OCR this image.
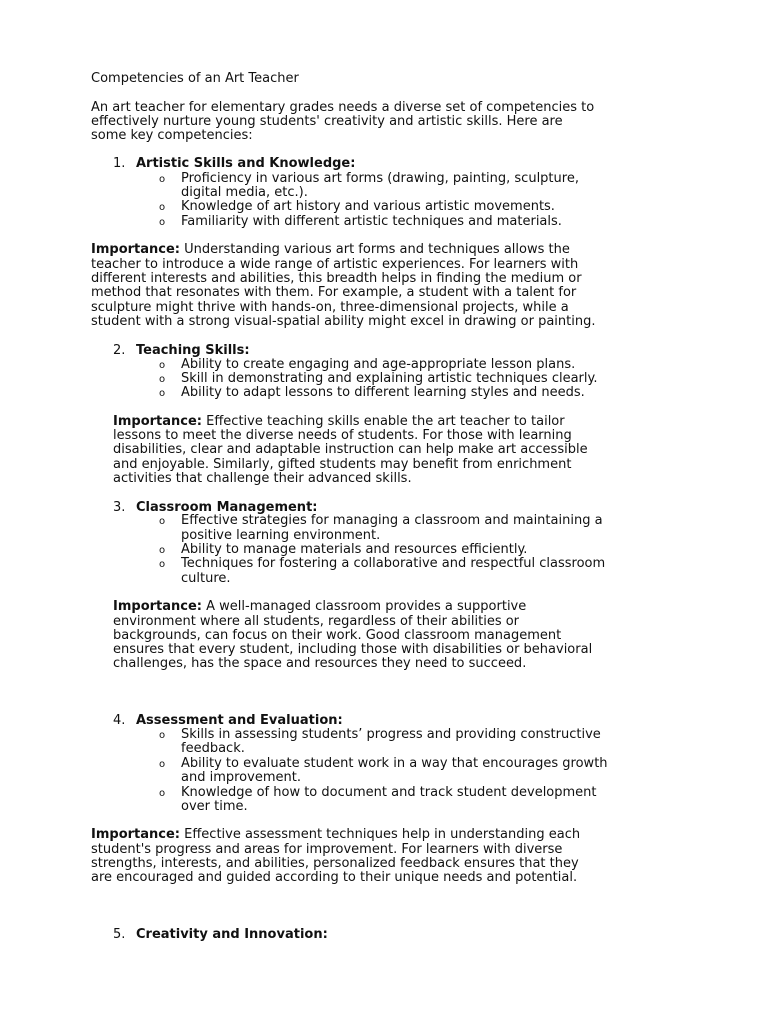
Competencies of an Art Teacher
An art teacher for elementary grades needs a diverse set of competencies to
effectively nurture young students' creativity and artistic skills. Here are
some key competencies:
1. Artistic Skills and Knowledge:
o Proficiency in various art forms (drawing, painting, sculpture,
digital media, etc.).
o Knowledge of art history and various artistic movements.
o Familiarity with different artistic techniques and materials.
Importance: Understanding various art forms and techniques allows the
teacher to introduce a wide range of artistic experiences. For learners with
different interests and abilities, this breadth helps in finding the medium or
method that resonates with them. For example, a student with a talent for
sculpture might thrive with hands-on, three-dimensional projects, while a
student with a strong visual-spatial ability might excel in drawing or painting.
2. Teaching Skills:
o Ability to create engaging and age-appropriate lesson plans.
o Skill in demonstrating and explaining artistic techniques clearly.
o Ability to adapt lessons to different learning styles and needs.
Importance: Effective teaching skills enable the art teacher to tailor
lessons to meet the diverse needs of students. For those with learning
disabilities, clear and adaptable instruction can help make art accessible
and enjoyable. Similarly, gifted students may benefit from enrichment
activities that challenge their advanced skills.
3. Classroom Management:
o Effective strategies for managing a classroom and maintaining a
positive learning environment.
o Ability to manage materials and resources efficiently.
o Techniques for fostering a collaborative and respectful classroom
culture.
Importance: A well-managed classroom provides a supportive
environment where all students, regardless of their abilities or
backgrounds, can focus on their work. Good classroom management
ensures that every student, including those with disabilities or behavioral
challenges, has the space and resources they need to succeed.
4. Assessment and Evaluation:
o Skills in assessing students’ progress and providing constructive
feedback.
o Ability to evaluate student work in a way that encourages growth
and improvement.
o Knowledge of how to document and track student development
over time.
Importance: Effective assessment techniques help in understanding each
student's progress and areas for improvement. For learners with diverse
strengths, interests, and abilities, personalized feedback ensures that they
are encouraged and guided according to their unique needs and potential.
5. Creativity and Innovation:
